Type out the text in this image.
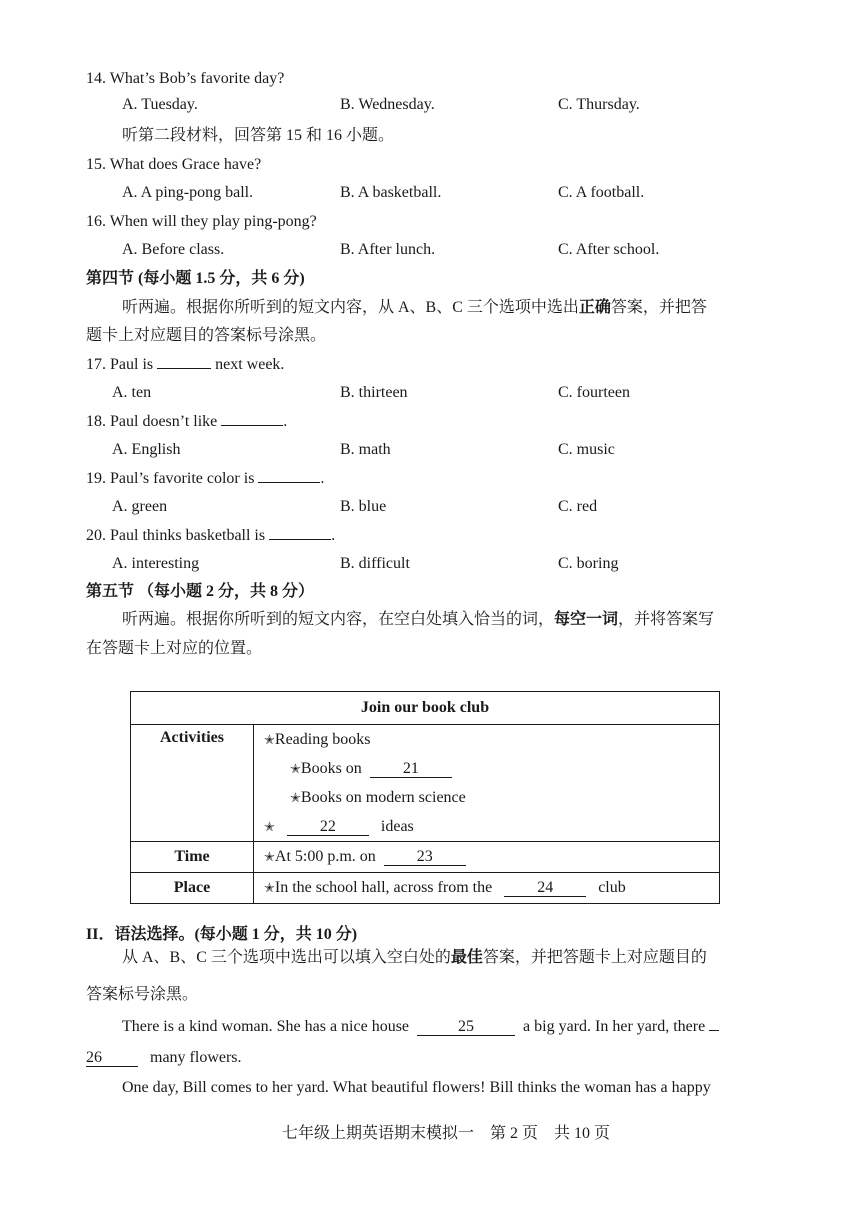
14. What’s Bob’s favorite day?
A. Tuesday.	B. Wednesday.	C. Thursday.
听第二段材料，回答第 15 和 16 小题。
15. What does Grace have?
A. A ping-pong ball.	B. A basketball.	C. A football.
16. When will they play ping-pong?
A. Before class.	B. After lunch.	C. After school.
第四节 (每小题 1.5 分，共 6 分)
听两遍。根据你所听到的短文内容，从 A、B、C 三个选项中选出正确答案，并把答
题卡上对应题目的答案标号涂黑。
17. Paul is	next week.
A. ten	B. thirteen	C. fourteen
18. Paul doesn’t like	.
A. English	B. math	C. music
19. Paul’s favorite color is	.
A. green	B. blue	C. red
20. Paul thinks basketball is	.
A. interesting	B. difficult	C. boring
第五节 （每小题 2 分，共 8 分）
听两遍。根据你所听到的短文内容，在空白处填入恰当的词，每空一词，并将答案写
在答题卡上对应的位置。
Join our book club	
Activities	✭Reading books
✭Books on 21
✭Books on modern science
✭ 22 ideas

Time	✭At 5:00 p.m. on 23
Place	✭In the school hall, across from the 24 club
II．语法选择。(每小题 1 分，共 10 分)
从 A、B、C 三个选项中选出可以填入空白处的最佳答案，并把答题卡上对应题目的
答案标号涂黑。
There is a kind woman. She has a nice house	25	a big yard. In her yard, there
26	many flowers.
One day, Bill comes to her yard. What beautiful flowers! Bill thinks the woman has a happy
七年级上期英语期末模拟一　第 2 页　共 10 页
